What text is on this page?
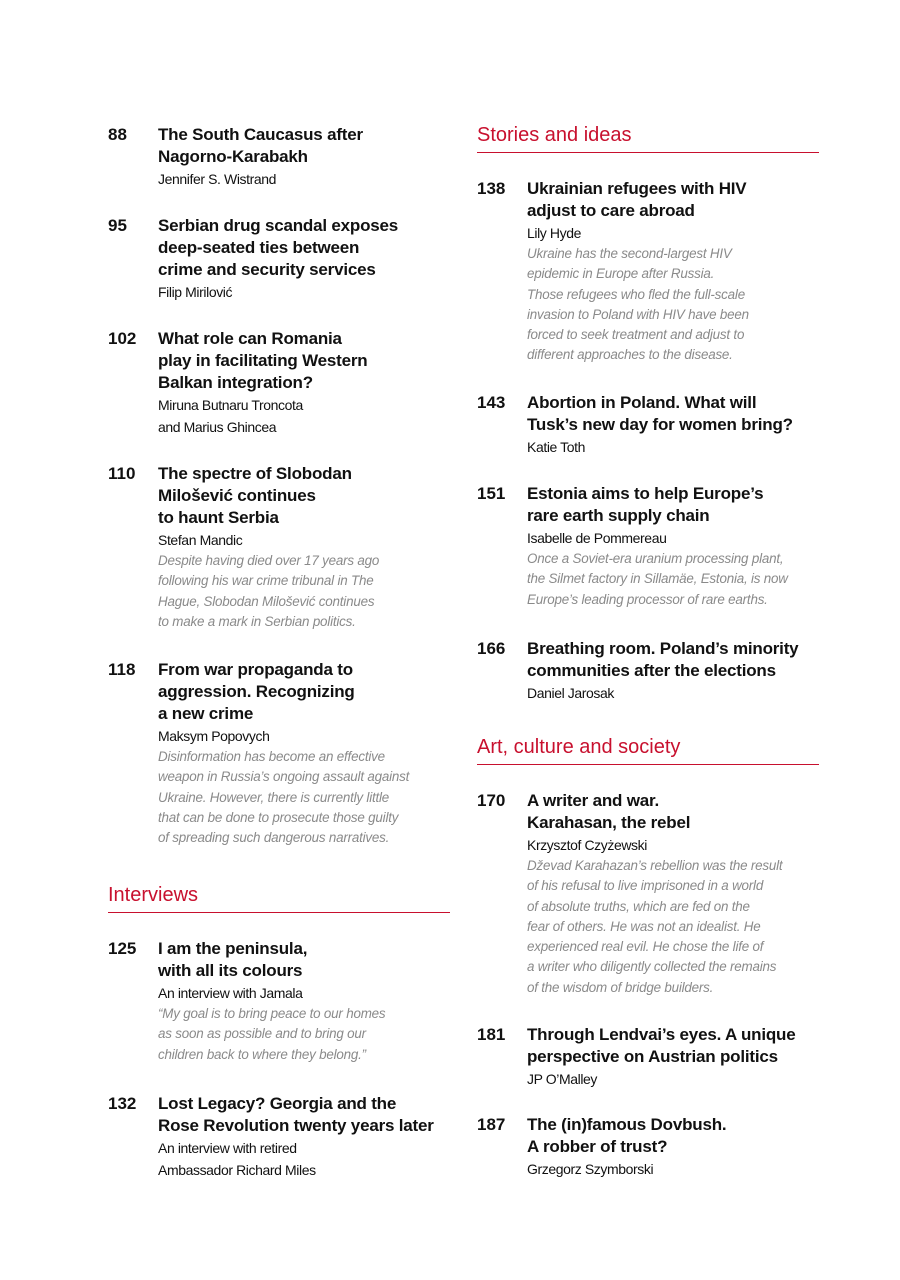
88 The South Caucasus after
Nagorno-Karabakh
Jennifer S. Wistrand
95 Serbian drug scandal exposes
deep-seated ties between
crime and security services
Filip Mirilović
102 What role can Romania
play in facilitating Western
Balkan integration?
Miruna Butnaru Troncota
and Marius Ghincea
110 The spectre of Slobodan
Milošević continues
to haunt Serbia
Stefan Mandic
Despite having died over 17 years ago
following his war crime tribunal in The
Hague, Slobodan Milošević continues
to make a mark in Serbian politics.
118 From war propaganda to
aggression. Recognizing
a new crime
Maksym Popovych
Disinformation has become an effective
weapon in Russia’s ongoing assault against
Ukraine. However, there is currently little
that can be done to prosecute those guilty
of spreading such dangerous narratives.
Interviews
125 I am the peninsula,
with all its colours
An interview with Jamala
“My goal is to bring peace to our homes
as soon as possible and to bring our
children back to where they belong.”
132 Lost Legacy? Georgia and the
Rose Revolution twenty years later
An interview with retired
Ambassador Richard Miles
Stories and ideas
138 Ukrainian refugees with HIV
adjust to care abroad
Lily Hyde
Ukraine has the second-largest HIV
epidemic in Europe after Russia.
Those refugees who fled the full-scale
invasion to Poland with HIV have been
forced to seek treatment and adjust to
different approaches to the disease.
143 Abortion in Poland. What will
Tusk’s new day for women bring?
Katie Toth
151 Estonia aims to help Europe’s
rare earth supply chain
Isabelle de Pommereau
Once a Soviet-era uranium processing plant,
the Silmet factory in Sillamäe, Estonia, is now
Europe’s leading processor of rare earths.
166 Breathing room. Poland’s minority
communities after the elections
Daniel Jarosak
Art, culture and society
170 A writer and war.
Karahasan, the rebel
Krzysztof Czyżewski
Dževad Karahazan’s rebellion was the result
of his refusal to live imprisoned in a world
of absolute truths, which are fed on the
fear of others. He was not an idealist. He
experienced real evil. He chose the life of
a writer who diligently collected the remains
of the wisdom of bridge builders.
181 Through Lendvai’s eyes. A unique
perspective on Austrian politics
JP O’Malley
187 The (in)famous Dovbush.
A robber of trust?
Grzegorz Szymborski
